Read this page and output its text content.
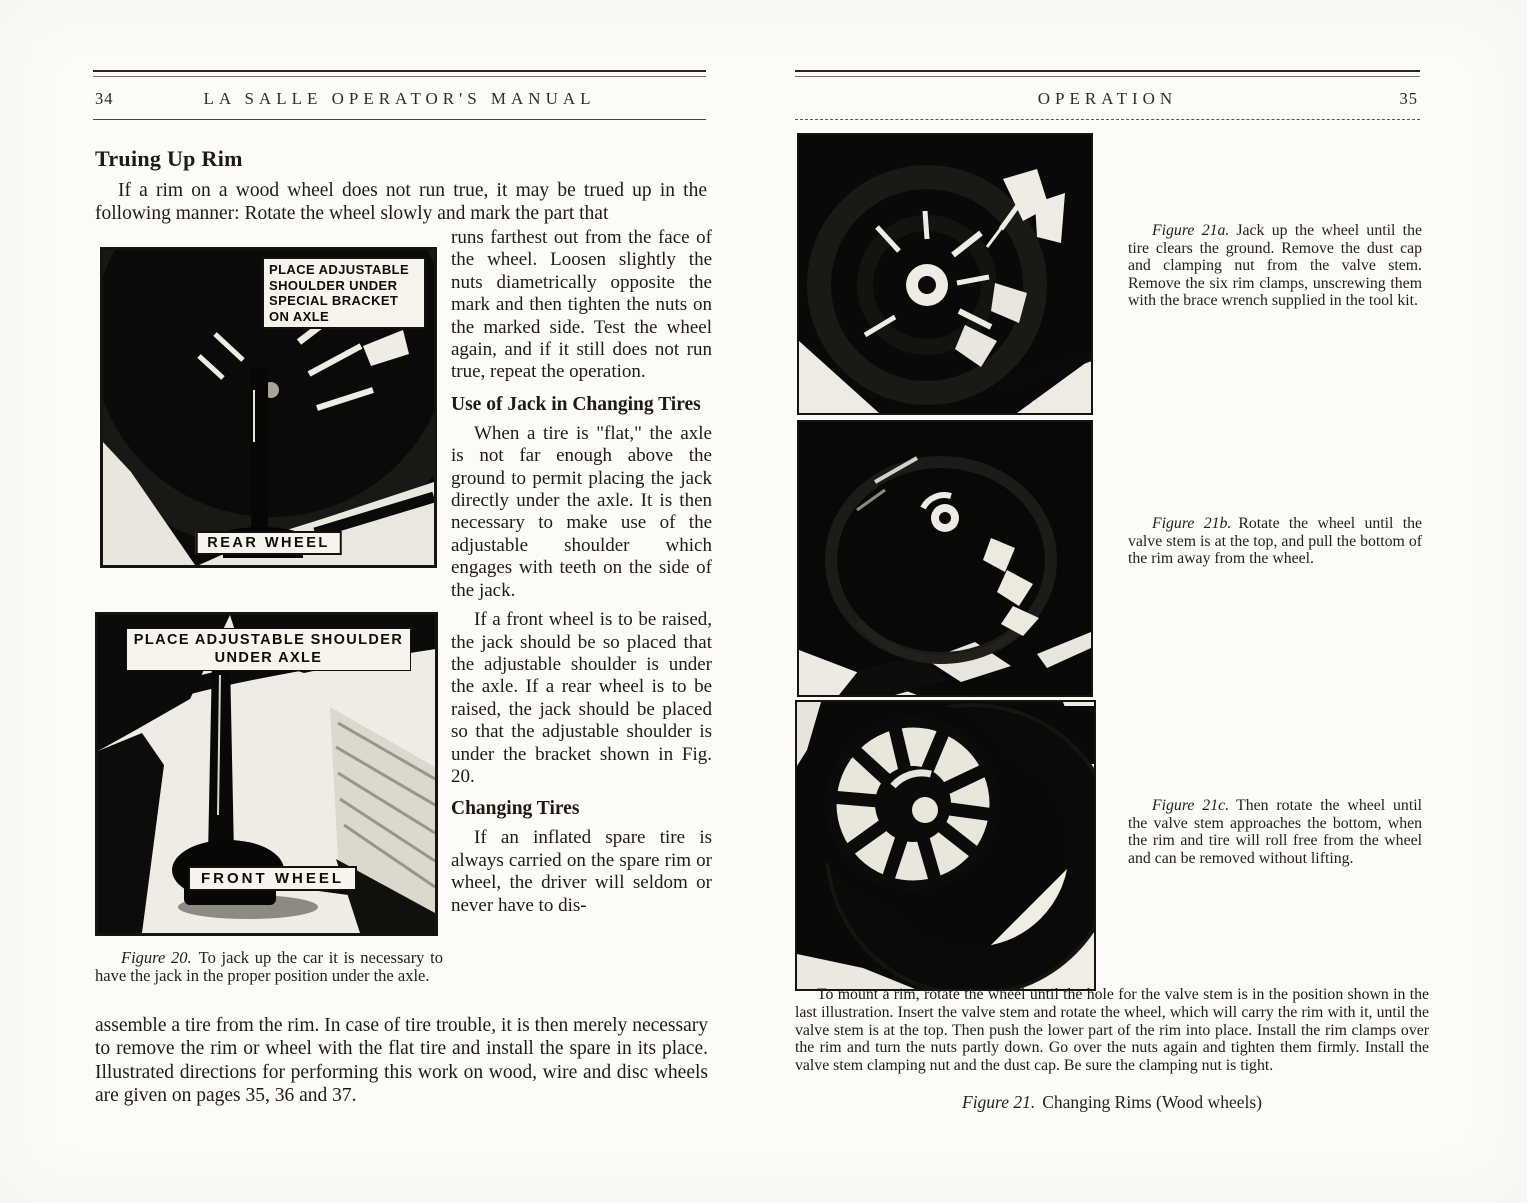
34	LA SALLE OPERATOR'S MANUAL
Truing Up Rim

If a rim on a wood wheel does not run true, it may be trued up in the following manner: Rotate the wheel slowly and mark the part that

PLACE ADJUSTABLE SHOULDER UNDER SPECIAL BRACKET ON AXLE
REAR WHEEL

runs farthest out from the face of the wheel. Loosen slightly the nuts diametrically opposite the mark and then tighten the nuts on the marked side. Test the wheel again, and if it still does not run true, repeat the operation.

Use of Jack in Changing Tires

When a tire is "flat," the axle is not far enough above the ground to permit placing the jack directly under the axle. It is then necessary to make use of the adjustable shoulder which engages with teeth on the side of the jack.

If a front wheel is to be raised, the jack should be so placed that the adjustable shoulder is under the axle. If a rear wheel is to be raised, the jack should be placed so that the adjustable shoulder is under the bracket shown in Fig. 20.

Changing Tires

If an inflated spare tire is always carried on the spare rim or wheel, the driver will seldom or never have to dis-

PLACE ADJUSTABLE SHOULDER UNDER AXLE
FRONT WHEEL

Figure 20. To jack up the car it is necessary to have the jack in the proper position under the axle.

assemble a tire from the rim. In case of tire trouble, it is then merely necessary to remove the rim or wheel with the flat tire and install the spare in its place. Illustrated directions for performing this work on wood, wire and disc wheels are given on pages 35, 36 and 37.

OPERATION	35

Figure 21a. Jack up the wheel until the tire clears the ground. Remove the dust cap and clamping nut from the valve stem. Remove the six rim clamps, unscrewing them with the brace wrench supplied in the tool kit.

Figure 21b. Rotate the wheel until the valve stem is at the top, and pull the bottom of the rim away from the wheel.

Figure 21c. Then rotate the wheel until the valve stem approaches the bottom, when the rim and tire will roll free from the wheel and can be removed without lifting.

To mount a rim, rotate the wheel until the hole for the valve stem is in the position shown in the last illustration. Insert the valve stem and rotate the wheel, which will carry the rim with it, until the valve stem is at the top. Then push the lower part of the rim into place. Install the rim clamps over the rim and turn the nuts partly down. Go over the nuts again and tighten them firmly. Install the valve stem clamping nut and the dust cap. Be sure the clamping nut is tight.

Figure 21. Changing Rims (Wood wheels)
